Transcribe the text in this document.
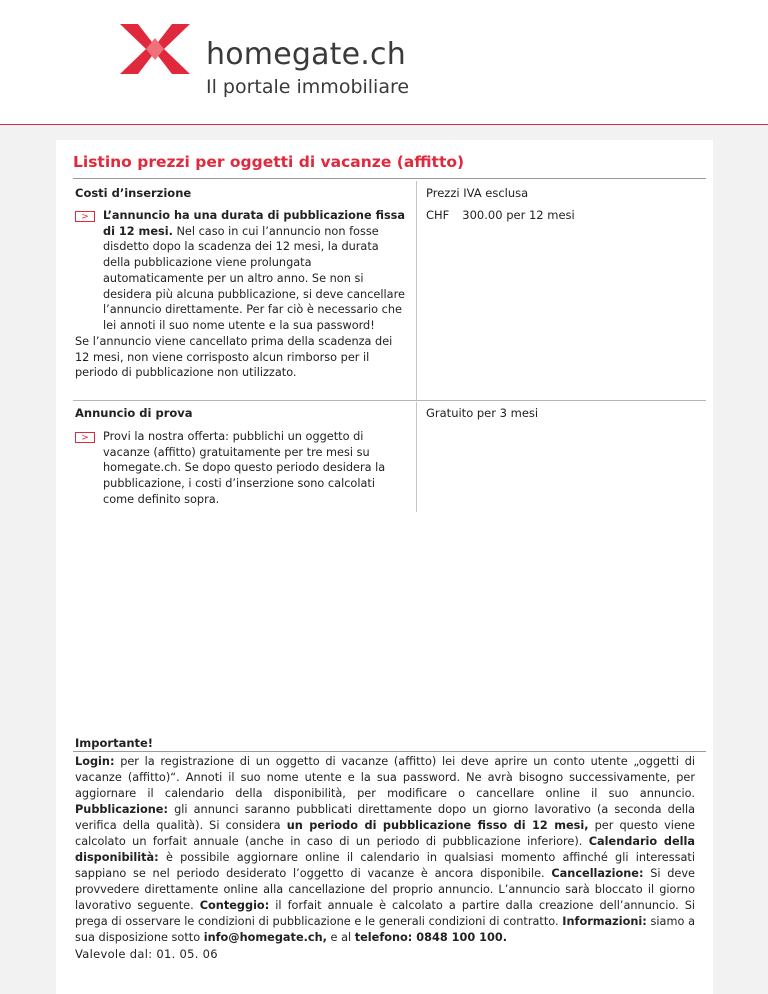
homegate.ch
Il portale immobiliare
Listino prezzi per oggetti di vacanze (affitto)
Costi d’inserzione	Prezzi IVA esclusa
CHF 300.00 per 12 mesi
>	L’annuncio ha una durata di pubblicazione fissa di 12 mesi. Nel caso in cui l’annuncio non fosse disdetto dopo la scadenza dei 12 mesi, la durata della pubblicazione viene prolungata automaticamente per un altro anno. Se non si desidera più alcuna pubblicazione, si deve cancellare l’annuncio direttamente. Per far ciò è necessario che lei annoti il suo nome utente e la sua password!

Se l’annuncio viene cancellato prima della scadenza dei 12 mesi, non viene corrisposto alcun rimborso per il periodo di pubblicazione non utilizzato.

Annuncio di prova	Gratuito per 3 mesi
>	Provi la nostra offerta: pubblichi un oggetto di vacanze (affitto) gratuitamente per tre mesi su homegate.ch. Se dopo questo periodo desidera la pubblicazione, i costi d’inserzione sono calcolati come definito sopra.

Importante!

Login: per la registrazione di un oggetto di vacanze (affitto) lei deve aprire un conto utente „oggetti di vacanze (affitto)“. Annoti il suo nome utente e la sua password. Ne avrà bisogno successivamente, per aggiornare il calendario della disponibilità, per modificare o cancellare online il suo annuncio. Pubblicazione: gli annunci saranno pubblicati direttamente dopo un giorno lavorativo (a seconda della verifica della qualità). Si considera un periodo di pubblicazione fisso di 12 mesi, per questo viene calcolato un forfait annuale (anche in caso di un periodo di pubblicazione inferiore). Calendario della disponibilità: è possibile aggiornare online il calendario in qualsiasi momento affinché gli interessati sappiano se nel periodo desiderato l’oggetto di vacanze è ancora disponibile. Cancellazione: Si deve provvedere direttamente online alla cancellazione del proprio annuncio. L’annuncio sarà bloccato il giorno lavorativo seguente. Conteggio: il forfait annuale è calcolato a partire dalla creazione dell’annuncio. Si prega di osservare le condizioni di pubblicazione e le generali condizioni di contratto. Informazioni: siamo a sua disposizione sotto info@homegate.ch, e al telefono: 0848 100 100.

Valevole dal: 01. 05. 06
